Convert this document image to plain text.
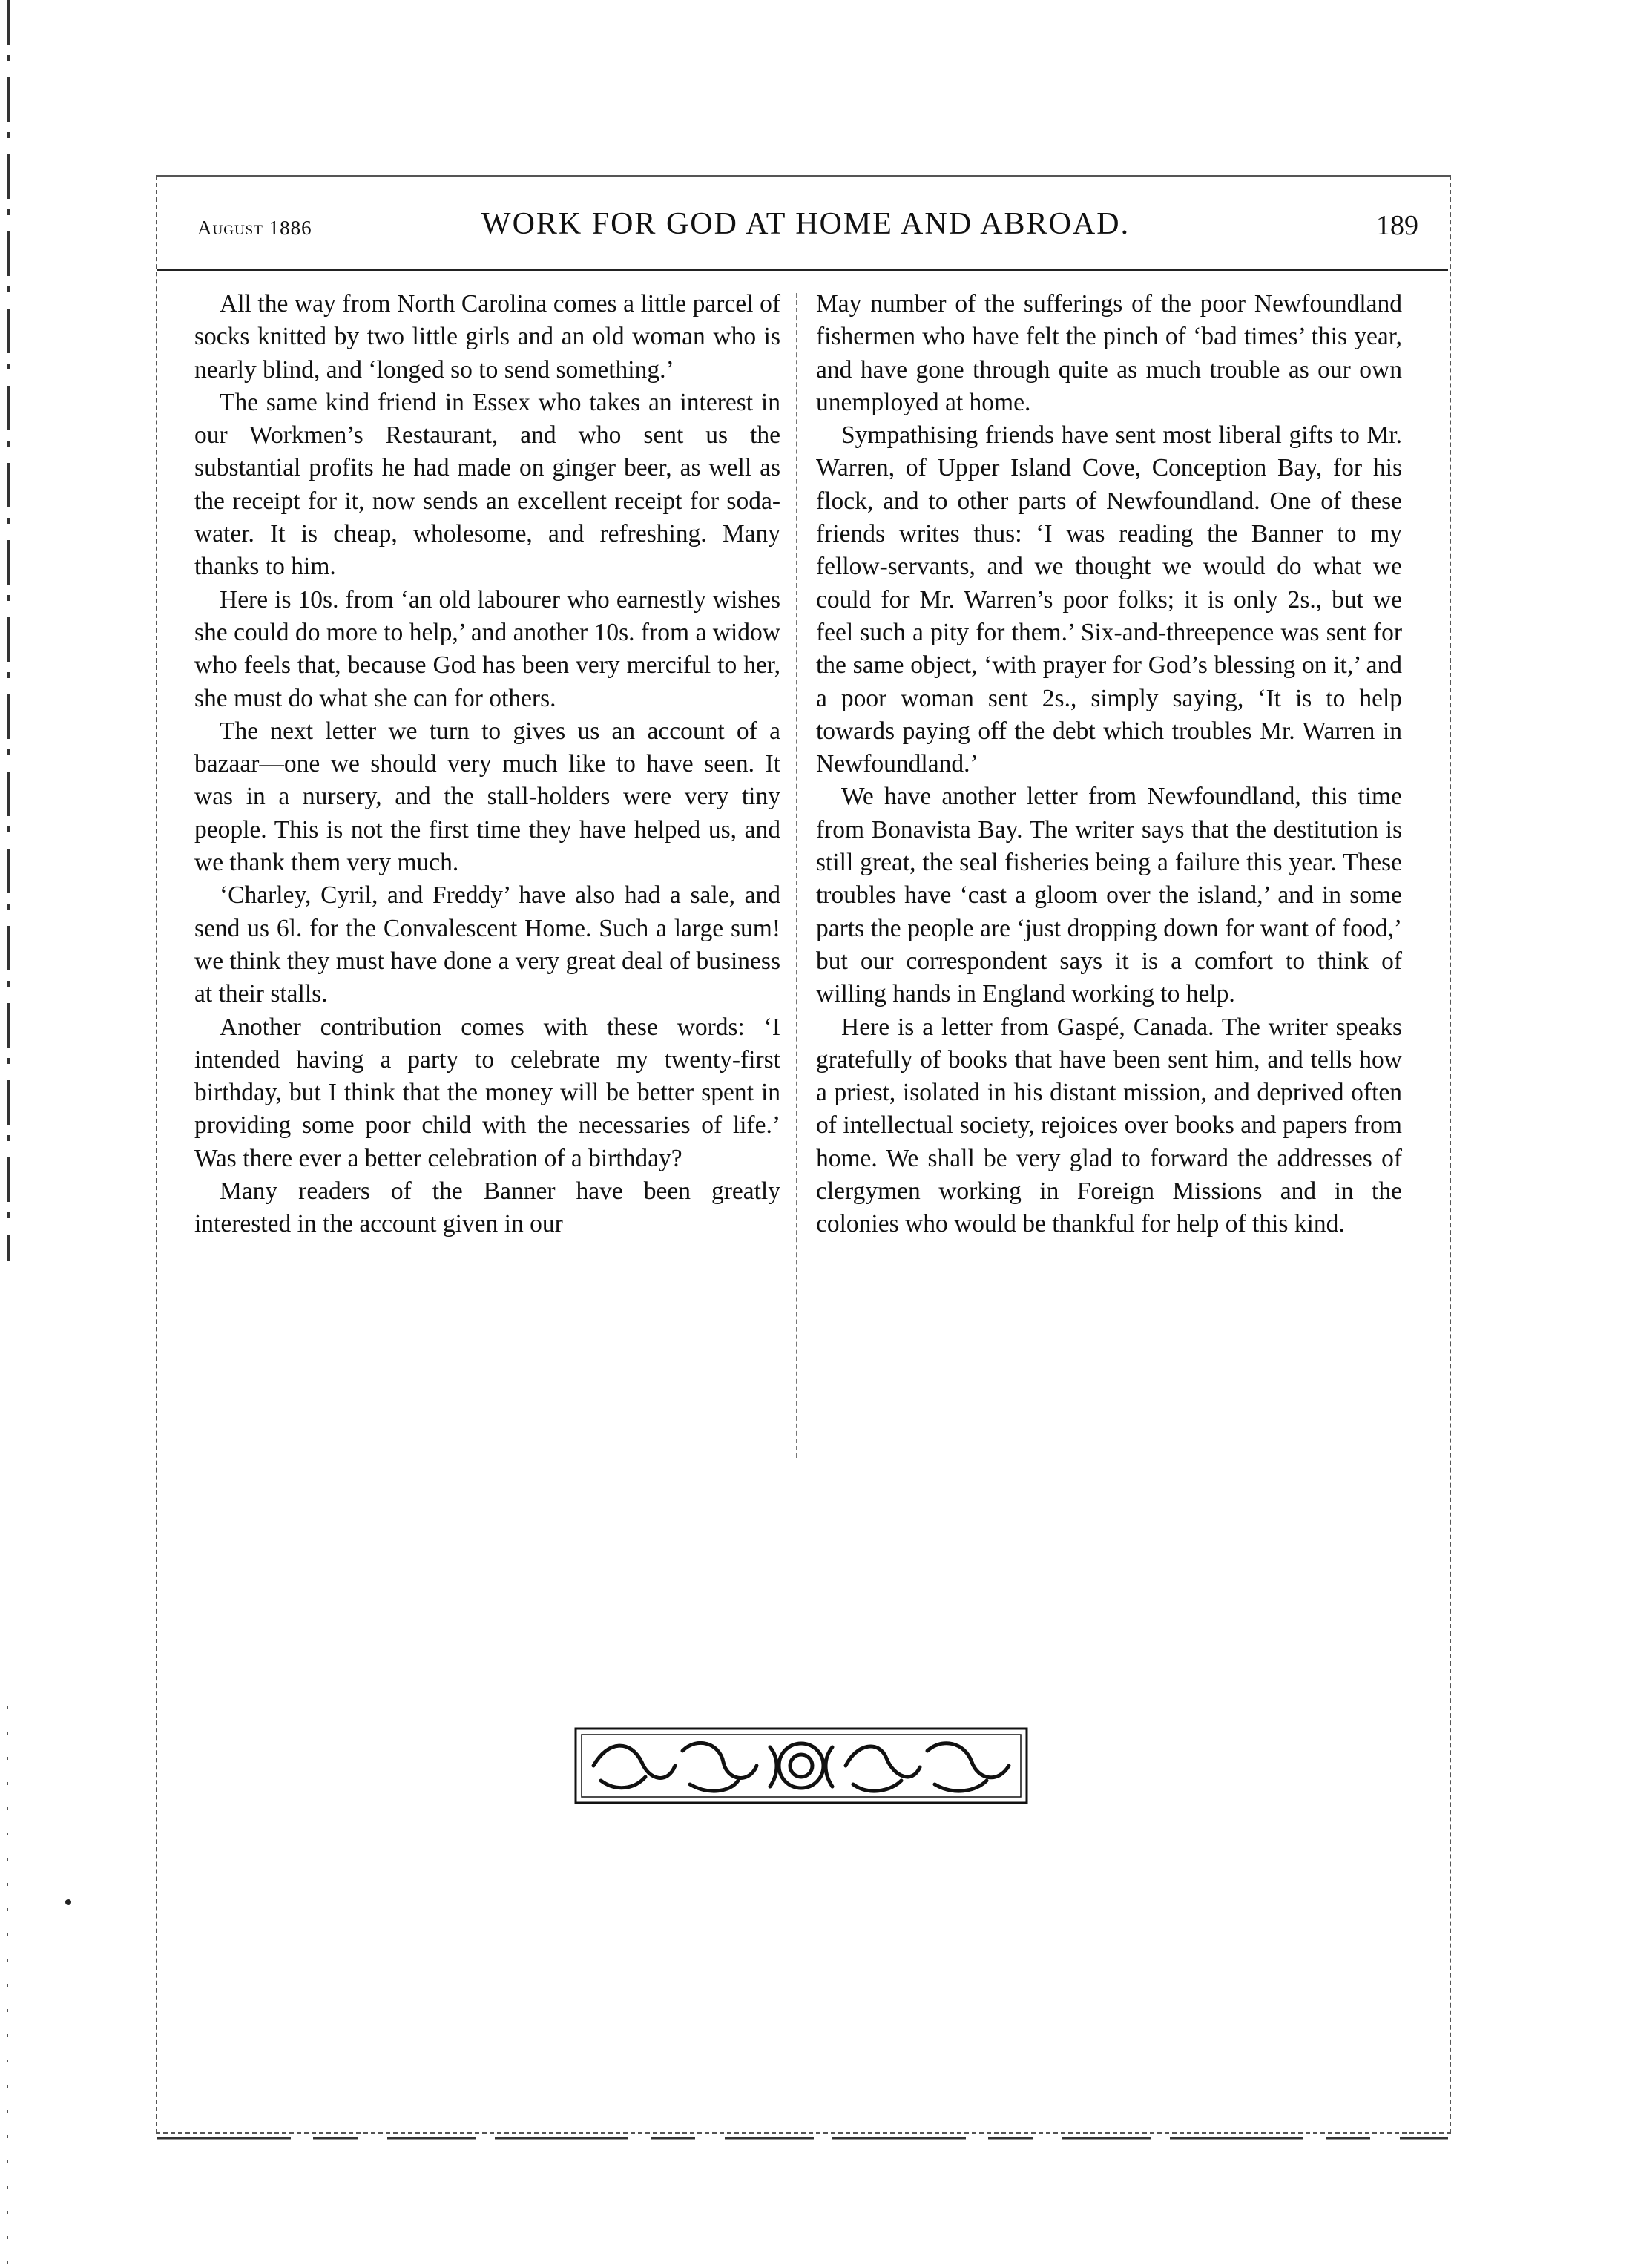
August 1886	WORK FOR GOD AT HOME AND ABROAD.	189

All the way from North Carolina comes a little parcel of socks knitted by two little girls and an old woman who is nearly blind, and ‘longed so to send something.’

The same kind friend in Essex who takes an interest in our Workmen’s Restaurant, and who sent us the substantial profits he had made on ginger beer, as well as the receipt for it, now sends an excellent receipt for soda-water. It is cheap, wholesome, and refreshing. Many thanks to him.

Here is 10s. from ‘an old labourer who earnestly wishes she could do more to help,’ and another 10s. from a widow who feels that, because God has been very merciful to her, she must do what she can for others.

The next letter we turn to gives us an account of a bazaar—one we should very much like to have seen. It was in a nursery, and the stall-holders were very tiny people. This is not the first time they have helped us, and we thank them very much.

‘Charley, Cyril, and Freddy’ have also had a sale, and send us 6l. for the Convalescent Home. Such a large sum! we think they must have done a very great deal of business at their stalls.

Another contribution comes with these words: ‘I intended having a party to celebrate my twenty-first birthday, but I think that the money will be better spent in providing some poor child with the necessaries of life.’ Was there ever a better celebration of a birthday?

Many readers of the Banner have been greatly interested in the account given in our

May number of the sufferings of the poor Newfoundland fishermen who have felt the pinch of ‘bad times’ this year, and have gone through quite as much trouble as our own unemployed at home.

Sympathising friends have sent most liberal gifts to Mr. Warren, of Upper Island Cove, Conception Bay, for his flock, and to other parts of Newfoundland. One of these friends writes thus: ‘I was reading the Banner to my fellow-servants, and we thought we would do what we could for Mr. Warren’s poor folks; it is only 2s., but we feel such a pity for them.’ Six-and-threepence was sent for the same object, ‘with prayer for God’s blessing on it,’ and a poor woman sent 2s., simply saying, ‘It is to help towards paying off the debt which troubles Mr. Warren in Newfoundland.’

We have another letter from Newfoundland, this time from Bonavista Bay. The writer says that the destitution is still great, the seal fisheries being a failure this year. These troubles have ‘cast a gloom over the island,’ and in some parts the people are ‘just dropping down for want of food,’ but our correspondent says it is a comfort to think of willing hands in England working to help.

Here is a letter from Gaspé, Canada. The writer speaks gratefully of books that have been sent him, and tells how a priest, isolated in his distant mission, and deprived often of intellectual society, rejoices over books and papers from home. We shall be very glad to forward the addresses of clergymen working in Foreign Missions and in the colonies who would be thankful for help of this kind.
